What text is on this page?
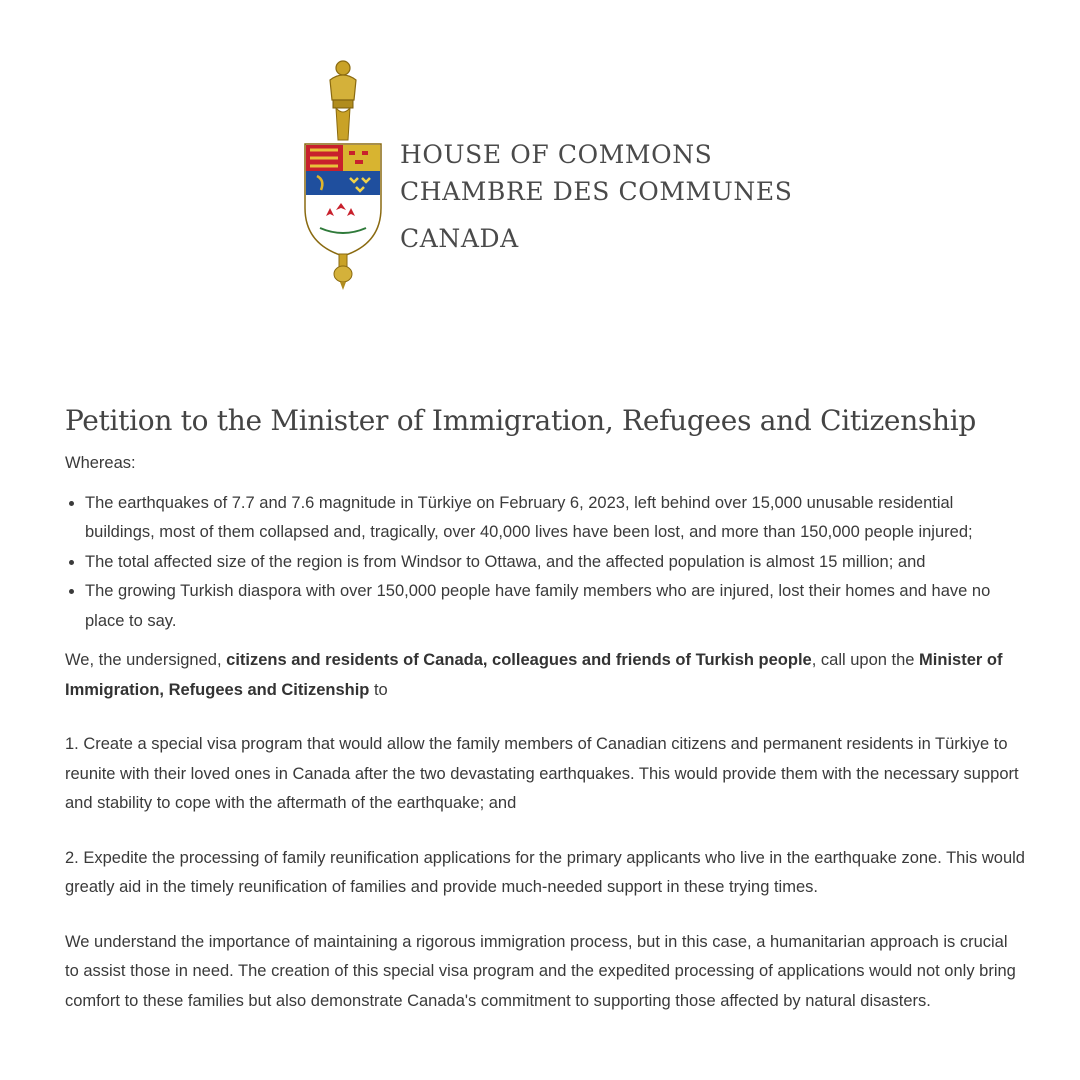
HOUSE OF COMMONS
CHAMBRE DES COMMUNES
CANADA
Petition to the Minister of Immigration, Refugees and Citizenship

Whereas:

• The earthquakes of 7.7 and 7.6 magnitude in Türkiye on February 6, 2023, left behind over 15,000 unusable residential buildings, most of them collapsed and, tragically, over 40,000 lives have been lost, and more than 150,000 people injured;
• The total affected size of the region is from Windsor to Ottawa, and the affected population is almost 15 million; and
• The growing Turkish diaspora with over 150,000 people have family members who are injured, lost their homes and have no place to say.

We, the undersigned, citizens and residents of Canada, colleagues and friends of Turkish people, call upon the Minister of Immigration, Refugees and Citizenship to

1. Create a special visa program that would allow the family members of Canadian citizens and permanent residents in Türkiye to reunite with their loved ones in Canada after the two devastating earthquakes. This would provide them with the necessary support and stability to cope with the aftermath of the earthquake; and

2. Expedite the processing of family reunification applications for the primary applicants who live in the earthquake zone. This would greatly aid in the timely reunification of families and provide much-needed support in these trying times.

We understand the importance of maintaining a rigorous immigration process, but in this case, a humanitarian approach is crucial to assist those in need. The creation of this special visa program and the expedited processing of applications would not only bring comfort to these families but also demonstrate Canada's commitment to supporting those affected by natural disasters.
